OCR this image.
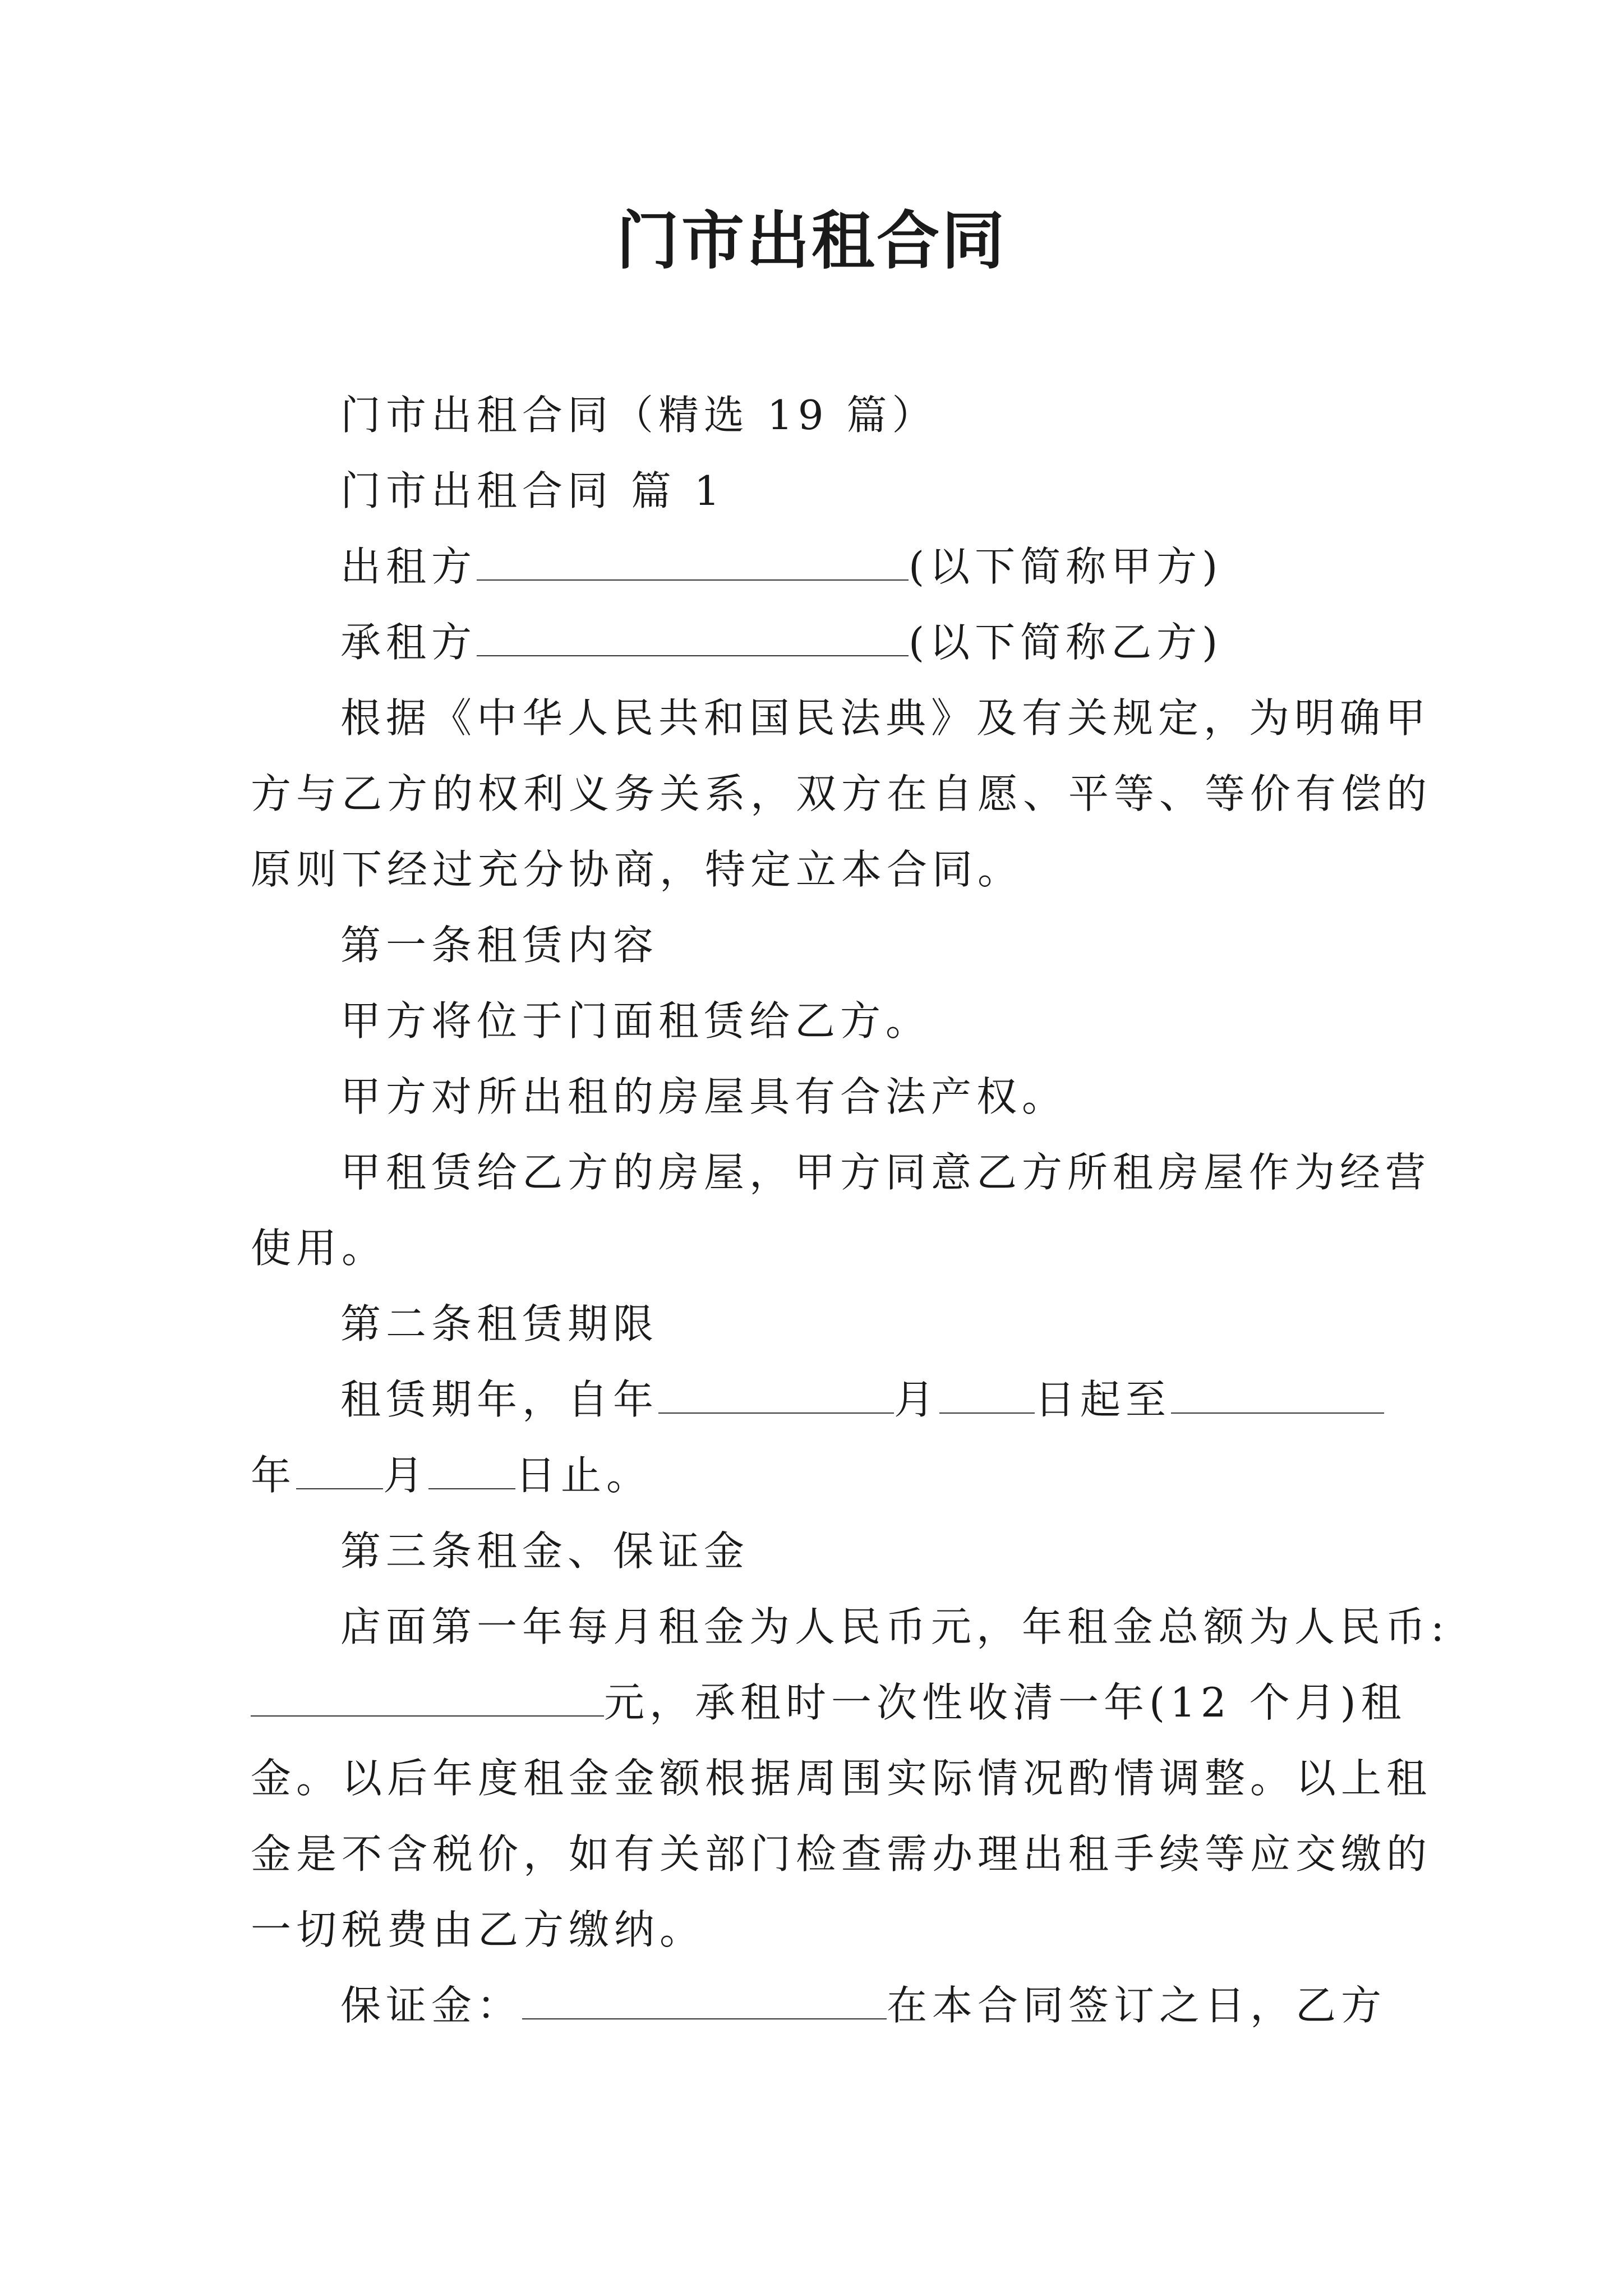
门市出租合同
门市出租合同（精选 19 篇）
门市出租合同 篇 1
出租方	(以下简称甲方)
承租方	(以下简称乙方)
根据《中华人民共和国民法典》及有关规定，为明确甲
方与乙方的权利义务关系，双方在自愿、平等、等价有偿的
原则下经过充分协商，特定立本合同。
第一条租赁内容
甲方将位于门面租赁给乙方。
甲方对所出租的房屋具有合法产权。
甲租赁给乙方的房屋，甲方同意乙方所租房屋作为经营
使用。
第二条租赁期限
租赁期年，自年	月 日起至
年 月 日止。
第三条租金、保证金
店面第一年每月租金为人民币元，年租金总额为人民币:
元，承租时一次性收清一年(12 个月)租
金。以后年度租金金额根据周围实际情况酌情调整。以上租
金是不含税价，如有关部门检查需办理出租手续等应交缴的
一切税费由乙方缴纳。
保证金：	在本合同签订之日，乙方
